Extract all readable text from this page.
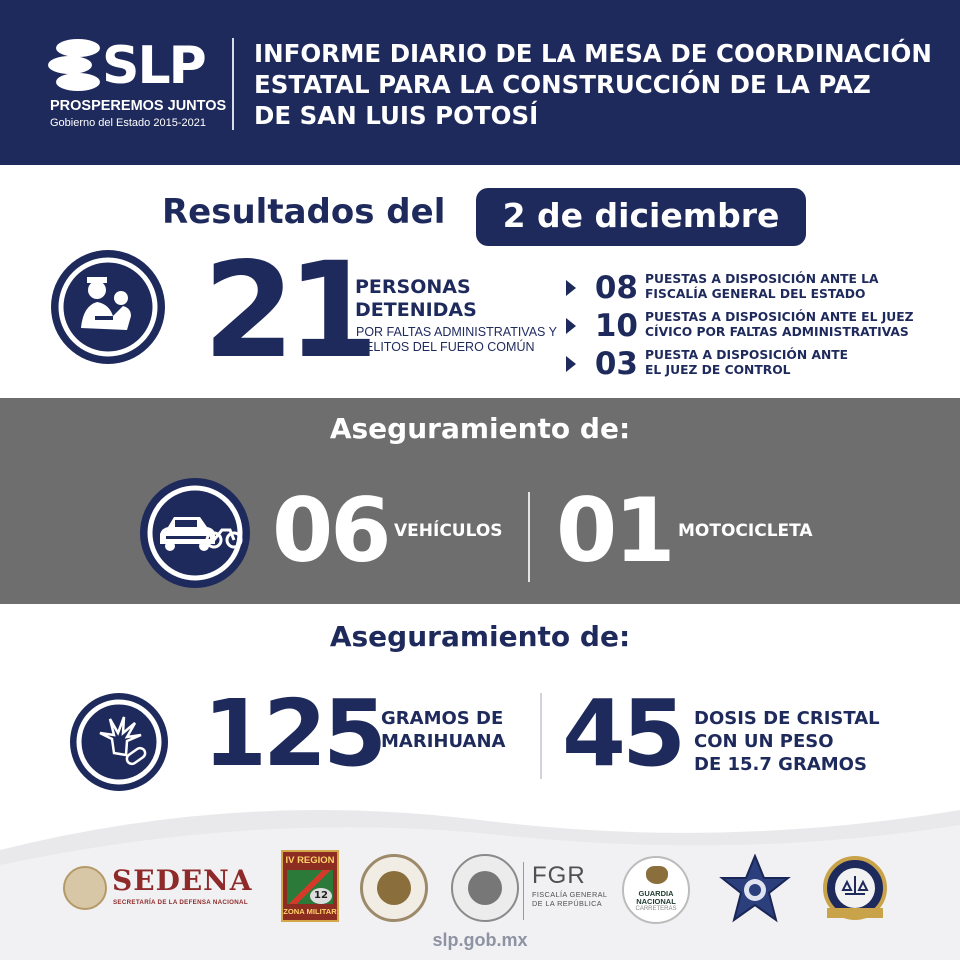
SLP
PROSPEREMOS JUNTOS
Gobierno del Estado 2015-2021
INFORME DIARIO DE LA MESA DE COORDINACIÓN
ESTATAL PARA LA CONSTRUCCIÓN DE LA PAZ
DE SAN LUIS POTOSÍ
Resultados del	2 de diciembre
21
PERSONAS
DETENIDAS
POR FALTAS ADMINISTRATIVAS Y
DELITOS DEL FUERO COMÚN
08 PUESTAS A DISPOSICIÓN ANTE LA
FISCALÍA GENERAL DEL ESTADO
10 PUESTAS A DISPOSICIÓN ANTE EL JUEZ
CÍVICO POR FALTAS ADMINISTRATIVAS
03 PUESTA A DISPOSICIÓN ANTE
EL JUEZ DE CONTROL
Aseguramiento de:
06 VEHÍCULOS 01 MOTOCICLETA
Aseguramiento de:
125
GRAMOS DE
MARIHUANA 45 DOSIS DE CRISTAL
CON UN PESO
DE 15.7 GRAMOS
SEDENA
SECRETARÍA DE LA DEFENSA NACIONAL
IV REGION
12
ZONA MILITAR
FGR
FISCALÍA GENERAL
DE LA REPÚBLICA
GUARDIA
NACIONAL
CARRETERAS
slp.gob.mx
